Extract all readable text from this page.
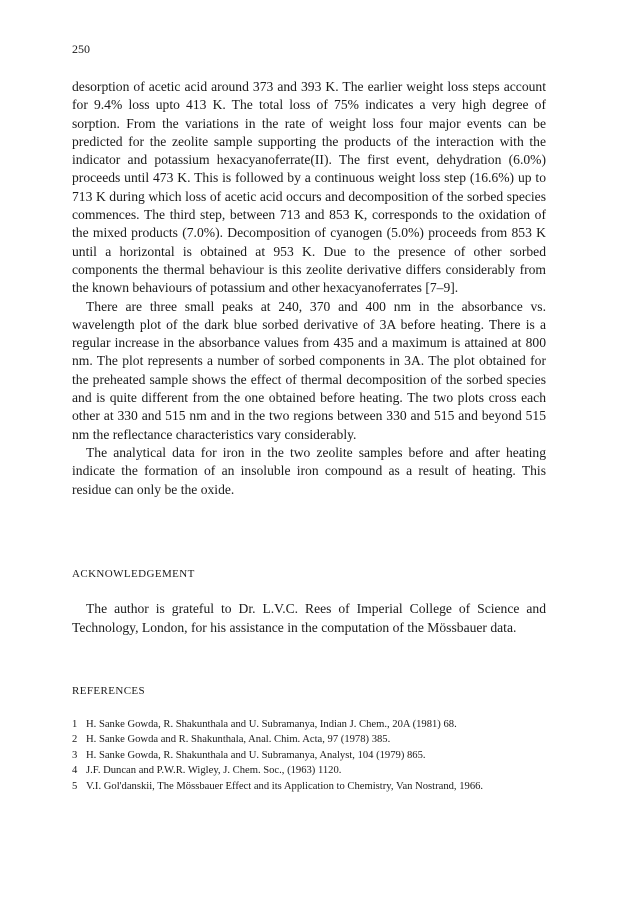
250

desorption of acetic acid around 373 and 393 K. The earlier weight loss steps account for 9.4% loss upto 413 K. The total loss of 75% indicates a very high degree of sorption. From the variations in the rate of weight loss four major events can be predicted for the zeolite sample supporting the products of the interaction with the indicator and potassium hexacyanoferrate(II). The first event, dehydration (6.0%) proceeds until 473 K. This is followed by a continuous weight loss step (16.6%) up to 713 K during which loss of acetic acid occurs and decomposition of the sorbed species commences. The third step, between 713 and 853 K, corresponds to the oxidation of the mixed products (7.0%). Decomposition of cyanogen (5.0%) proceeds from 853 K until a horizontal is obtained at 953 K. Due to the presence of other sorbed components the thermal behaviour is this zeolite derivative differs considerably from the known behaviours of potassium and other hexacyanoferrates [7–9].

There are three small peaks at 240, 370 and 400 nm in the absorbance vs. wavelength plot of the dark blue sorbed derivative of 3A before heating. There is a regular increase in the absorbance values from 435 and a maximum is attained at 800 nm. The plot represents a number of sorbed components in 3A. The plot obtained for the preheated sample shows the effect of thermal decomposition of the sorbed species and is quite different from the one obtained before heating. The two plots cross each other at 330 and 515 nm and in the two regions between 330 and 515 and beyond 515 nm the reflectance characteristics vary considerably.

The analytical data for iron in the two zeolite samples before and after heating indicate the formation of an insoluble iron compound as a result of heating. This residue can only be the oxide.

ACKNOWLEDGEMENT

The author is grateful to Dr. L.V.C. Rees of Imperial College of Science and Technology, London, for his assistance in the computation of the Mössbauer data.

REFERENCES
1 H. Sanke Gowda, R. Shakunthala and U. Subramanya, Indian J. Chem., 20A (1981) 68.
2 H. Sanke Gowda and R. Shakunthala, Anal. Chim. Acta, 97 (1978) 385.
3 H. Sanke Gowda, R. Shakunthala and U. Subramanya, Analyst, 104 (1979) 865.
4 J.F. Duncan and P.W.R. Wigley, J. Chem. Soc., (1963) 1120.
5 V.I. Gol'danskii, The Mössbauer Effect and its Application to Chemistry, Van Nostrand, 1966.
